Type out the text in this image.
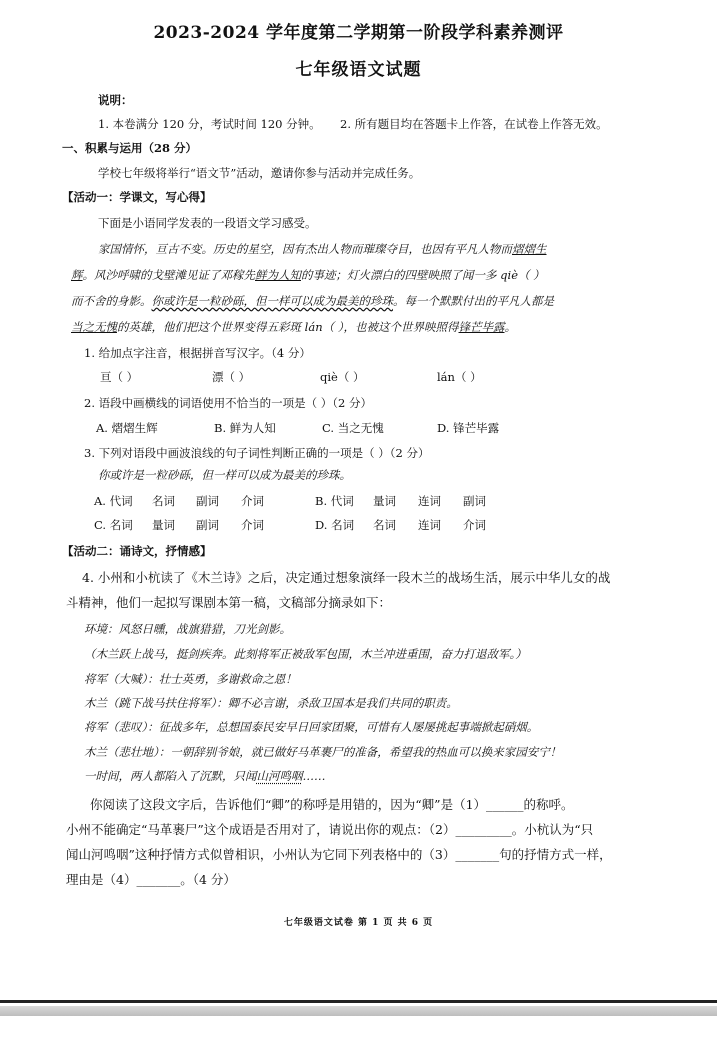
2023-2024 学年度第二学期第一阶段学科素养测评
七年级语文试题
说明：
1. 本卷满分 120 分，考试时间 120 分钟。 2. 所有题目均在答题卡上作答，在试卷上作答无效。
一、积累与运用（28 分）
学校七年级将举行“语文节”活动，邀请你参与活动并完成任务。
【活动一：学课文，写心得】
下面是小语同学发表的一段语文学习感受。
家国情怀，亘古不变。历史的星空，因有杰出人物而璀璨夺目，也因有平凡人物而熠熠生
辉。风沙呼啸的戈壁滩见证了邓稼先鲜为人知的事迹；灯火漂白的四壁映照了闻一多 qiè（ ）
而不舍的身影。你或许是一粒砂砾，但一样可以成为最美的珍珠。每一个默默付出的平凡人都是
当之无愧的英雄，他们把这个世界变得五彩斑 lán（ ），也被这个世界映照得锋芒毕露。
1. 给加点字注音，根据拼音写汉字。（4 分）
亘（ ）	漂（ ）	qiè（ ）	lán（ ）
2. 语段中画横线的词语使用不恰当的一项是（ ）（2 分）
A. 熠熠生辉	B. 鲜为人知	C. 当之无愧	D. 锋芒毕露
3. 下列对语段中画波浪线的句子词性判断正确的一项是（ ）（2 分）
你或许是一粒砂砾，但一样可以成为最美的珍珠。
A. 代词 名词 副词 介词	B. 代词 量词 连词 副词
C. 名词 量词 副词 介词	D. 名词 名词 连词 介词
【活动二：诵诗文，抒情感】
4. 小州和小杭读了《木兰诗》之后，决定通过想象演绎一段木兰的战场生活，展示中华儿女的战
斗精神，他们一起拟写课剧本第一稿，文稿部分摘录如下：
环境：风怒日曛，战旗猎猎，刀光剑影。
（木兰跃上战马，挺剑疾奔。此刻将军正被敌军包围，木兰冲进重围，奋力打退敌军。）
将军（大喊）：壮士英勇，多谢救命之恩！
木兰（跳下战马扶住将军）：卿不必言谢，杀敌卫国本是我们共同的职责。
将军（悲叹）：征战多年，总想国泰民安早日回家团聚，可惜有人屡屡挑起事端掀起硝烟。
木兰（悲壮地）：一朝辞别爷娘，就已做好马革裹尸的准备，希望我的热血可以换来家园安宁！
一时间，两人都陷入了沉默，只闻山河鸣咽……
你阅读了这段文字后，告诉他们“卿”的称呼是用错的，因为“卿”是（1）______的称呼。
小州不能确定“马革裹尸”这个成语是否用对了，请说出你的观点：（2）_________。小杭认为“只
闻山河鸣咽”这种抒情方式似曾相识，小州认为它同下列表格中的（3）_______句的抒情方式一样，
理由是（4）_______。（4 分）
七年级语文试卷 第 1 页 共 6 页
